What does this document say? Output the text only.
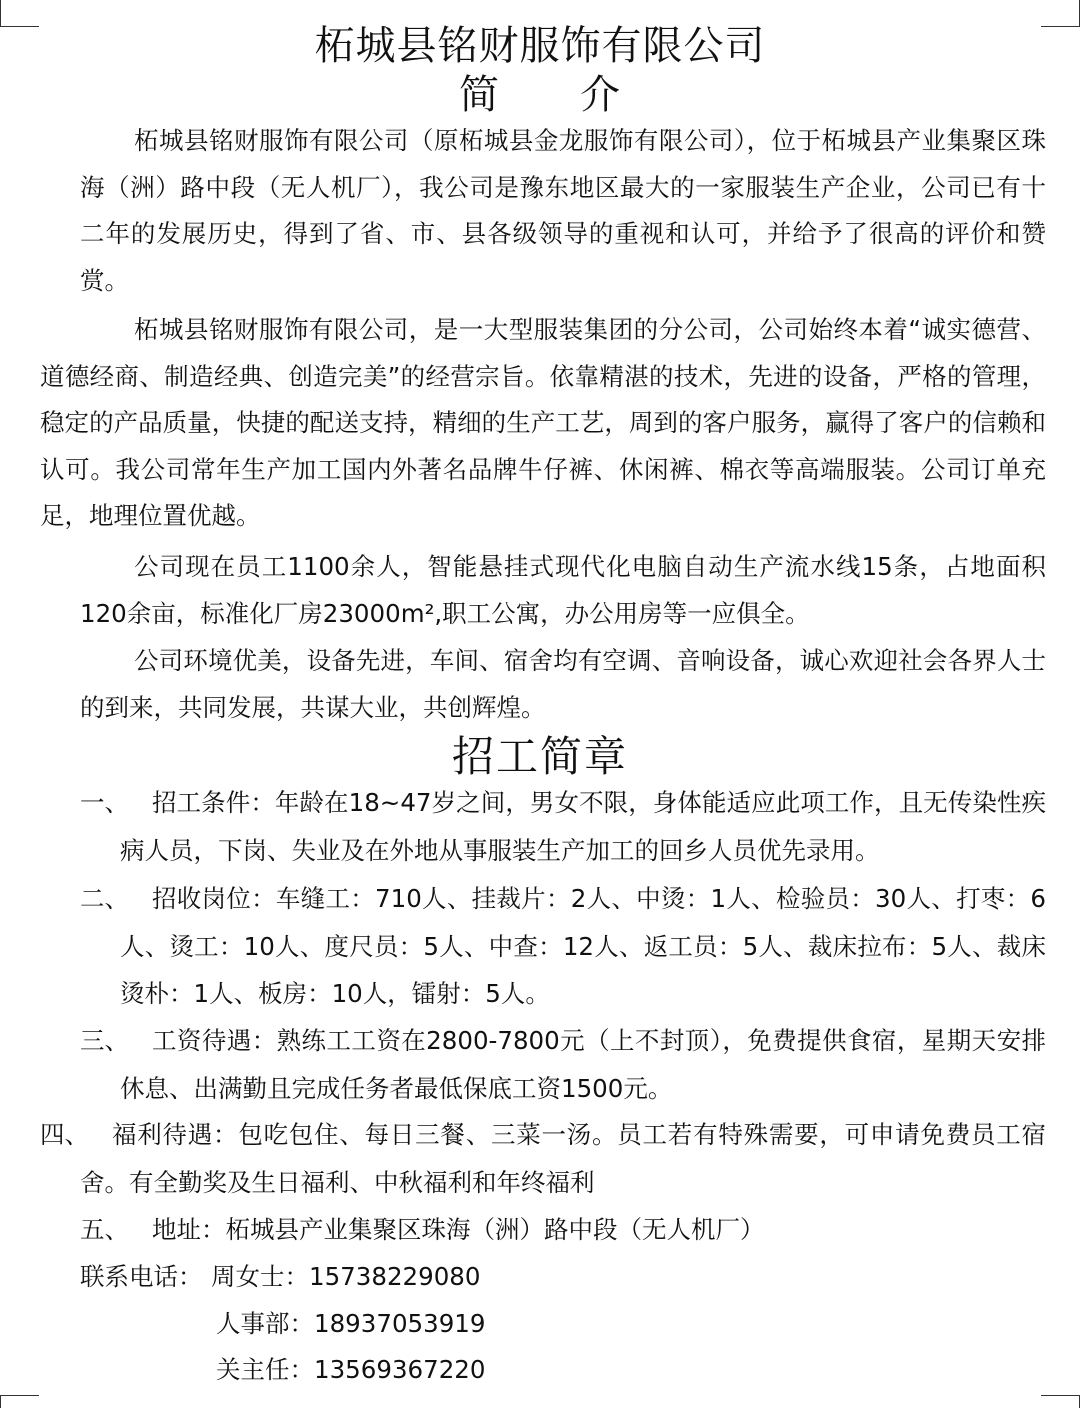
柘城县铭财服饰有限公司
简 介

柘城县铭财服饰有限公司（原柘城县金龙服饰有限公司），位于柘城县产业集聚区珠海（洲）路中段（无人机厂），我公司是豫东地区最大的一家服装生产企业，公司已有十二年的发展历史，得到了省、市、县各级领导的重视和认可，并给予了很高的评价和赞赏。

柘城县铭财服饰有限公司，是一大型服装集团的分公司，公司始终本着“诚实德营、道德经商、制造经典、创造完美”的经营宗旨。依靠精湛的技术，先进的设备，严格的管理，稳定的产品质量，快捷的配送支持，精细的生产工艺，周到的客户服务，赢得了客户的信赖和认可。我公司常年生产加工国内外著名品牌牛仔裤、休闲裤、棉衣等高端服装。公司订单充足，地理位置优越。

公司现在员工1100余人，智能悬挂式现代化电脑自动生产流水线15条，占地面积120余亩，标准化厂房23000m²,职工公寓，办公用房等一应俱全。

公司环境优美，设备先进，车间、宿舍均有空调、音响设备，诚心欢迎社会各界人士的到来，共同发展，共谋大业，共创辉煌。

招工简章
一、 招工条件：年龄在18~47岁之间，男女不限，身体能适应此项工作，且无传染性疾病人员，下岗、失业及在外地从事服装生产加工的回乡人员优先录用。
二、 招收岗位：车缝工：710人、挂裁片：2人、中烫：1人、检验员：30人、打枣：6人、烫工：10人、度尺员：5人、中查：12人、返工员：5人、裁床拉布：5人、裁床烫朴：1人、板房：10人，镭射：5人。
三、 工资待遇：熟练工工资在2800-7800元（上不封顶），免费提供食宿，星期天安排休息、出满勤且完成任务者最低保底工资1500元。
四、 福利待遇：包吃包住、每日三餐、三菜一汤。员工若有特殊需要，可申请免费员工宿舍。有全勤奖及生日福利、中秋福利和年终福利
五、 地址：柘城县产业集聚区珠海（洲）路中段（无人机厂）
联系电话： 周女士：15738229080
人事部：18937053919
关主任：13569367220
